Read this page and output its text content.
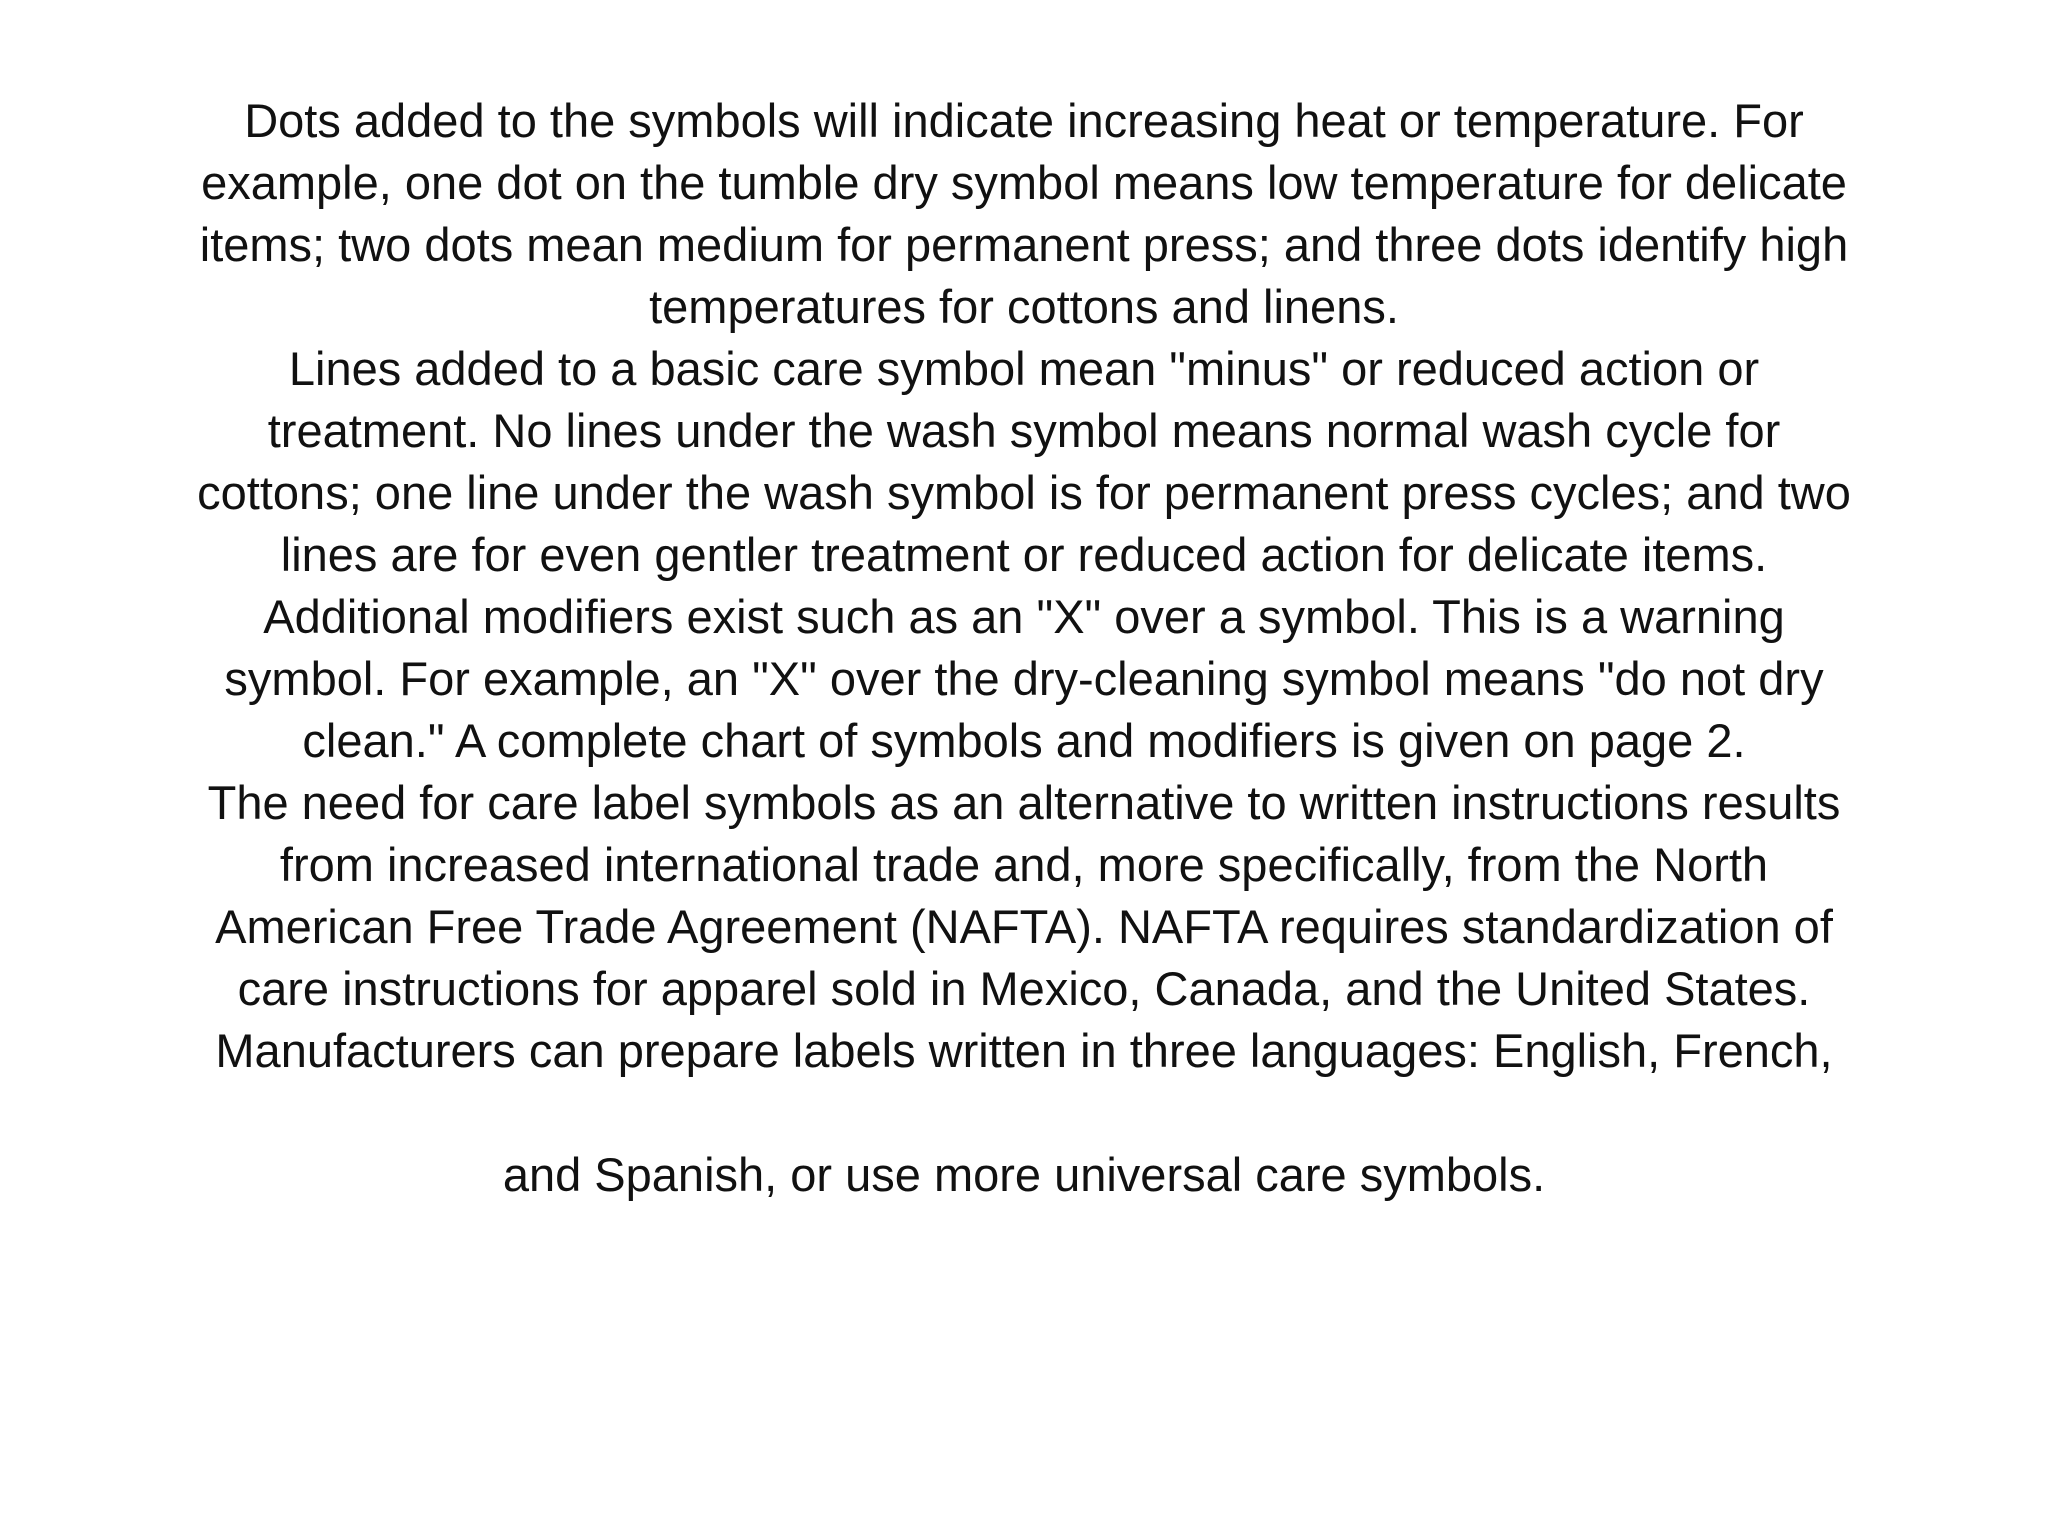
Dots added to the symbols will indicate increasing heat or temperature. For
example, one dot on the tumble dry symbol means low temperature for delicate
items; two dots mean medium for permanent press; and three dots identify high
temperatures for cottons and linens.
Lines added to a basic care symbol mean "minus" or reduced action or
treatment. No lines under the wash symbol means normal wash cycle for
cottons; one line under the wash symbol is for permanent press cycles; and two
lines are for even gentler treatment or reduced action for delicate items.
Additional modifiers exist such as an "X" over a symbol. This is a warning
symbol. For example, an "X" over the dry-cleaning symbol means "do not dry
clean." A complete chart of symbols and modifiers is given on page 2.
The need for care label symbols as an alternative to written instructions results
from increased international trade and, more specifically, from the North
American Free Trade Agreement (NAFTA). NAFTA requires standardization of
care instructions for apparel sold in Mexico, Canada, and the United States.
Manufacturers can prepare labels written in three languages: English, French,
and Spanish, or use more universal care symbols.
